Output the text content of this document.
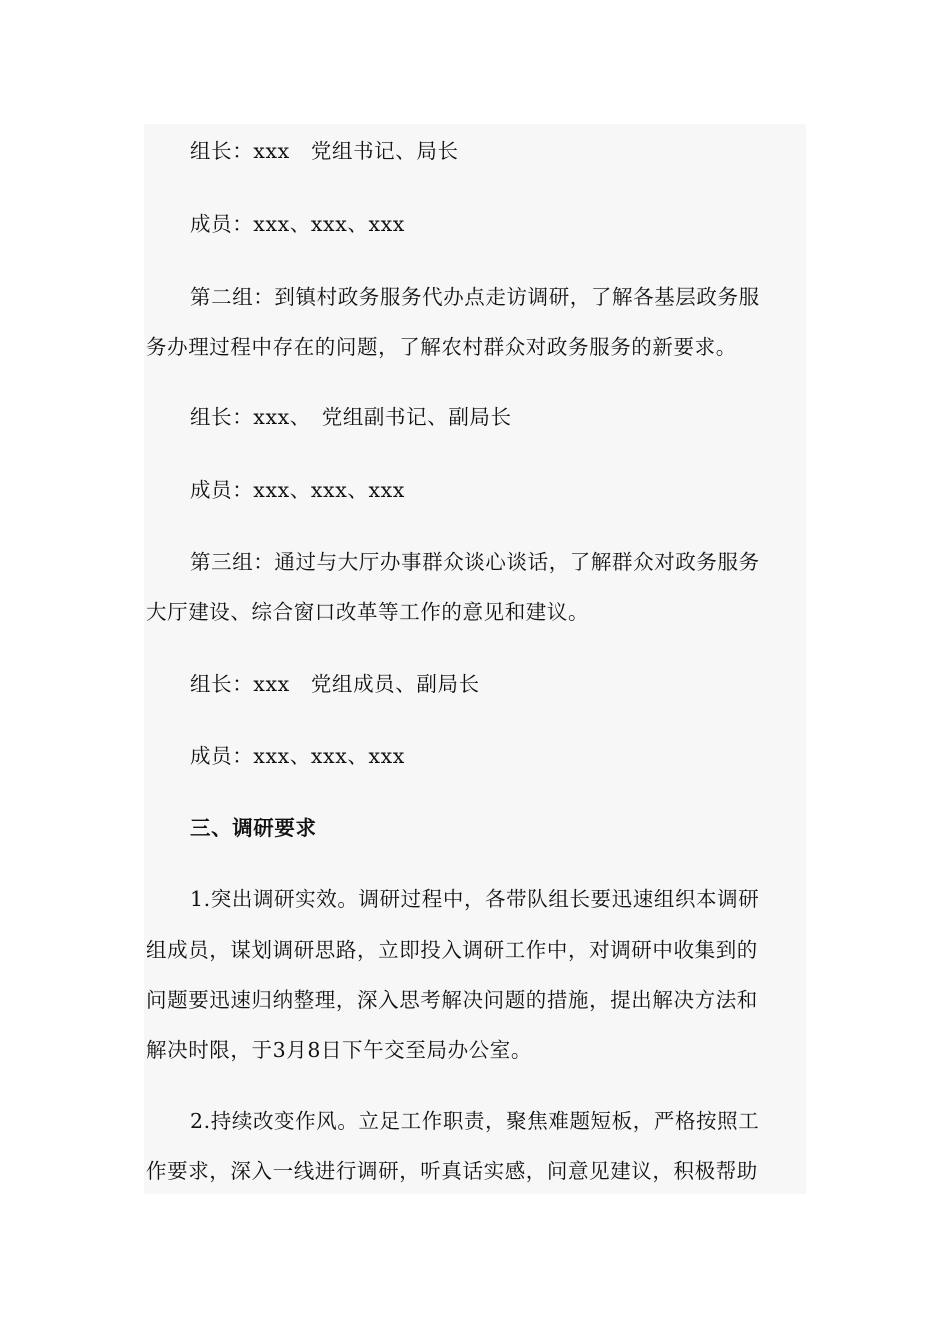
组长：xxx　党组书记、局长
成员：xxx、xxx、xxx
第二组：到镇村政务服务代办点走访调研，了解各基层政务服
务办理过程中存在的问题，了解农村群众对政务服务的新要求。
组长：xxx、　党组副书记、副局长
成员：xxx、xxx、xxx
第三组：通过与大厅办事群众谈心谈话，了解群众对政务服务
大厅建设、综合窗口改革等工作的意见和建议。
组长：xxx　党组成员、副局长
成员：xxx、xxx、xxx
三、调研要求
1.突出调研实效。调研过程中，各带队组长要迅速组织本调研
组成员，谋划调研思路，立即投入调研工作中，对调研中收集到的
问题要迅速归纳整理，深入思考解决问题的措施，提出解决方法和
解决时限，于3月8日下午交至局办公室。
2.持续改变作风。立足工作职责，聚焦难题短板，严格按照工
作要求，深入一线进行调研，听真话实感，问意见建议，积极帮助
